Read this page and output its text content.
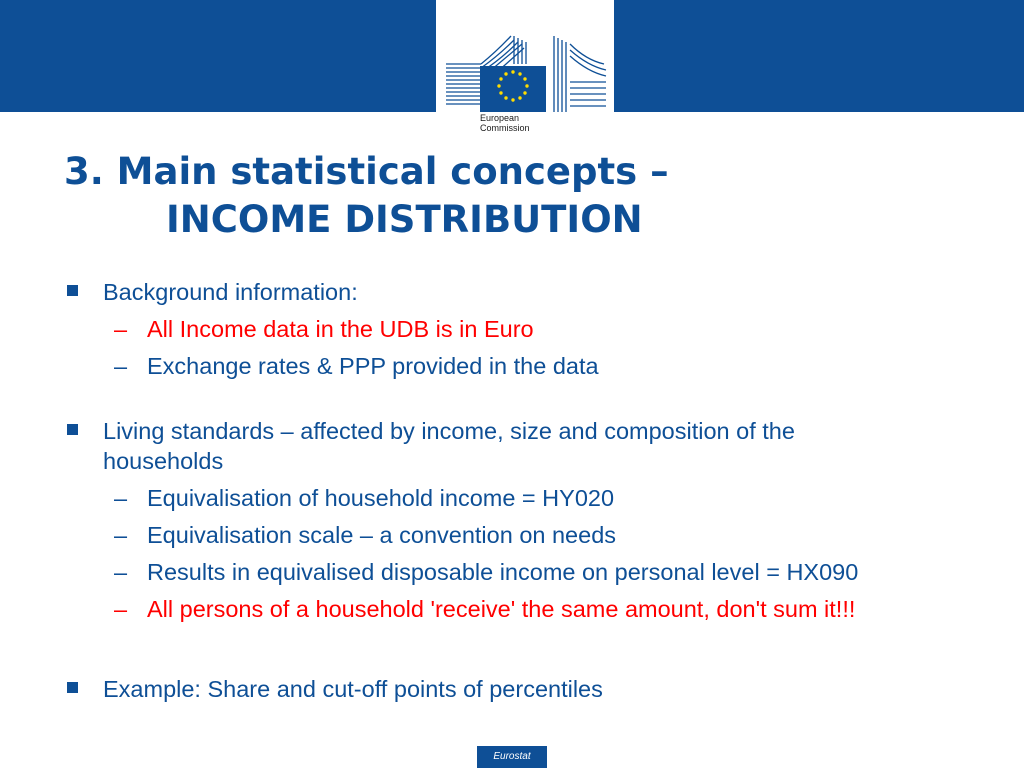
European
Commission
3. Main statistical concepts –
INCOME DISTRIBUTION
Background information:
– All Income data in the UDB is in Euro
– Exchange rates & PPP provided in the data
Living standards – affected by income, size and composition of the
households
– Equivalisation of household income = HY020
– Equivalisation scale – a convention on needs
– Results in equivalised disposable income on personal level = HX090
– All persons of a household 'receive' the same amount, don't sum it!!!
Example: Share and cut-off points of percentiles
Eurostat
